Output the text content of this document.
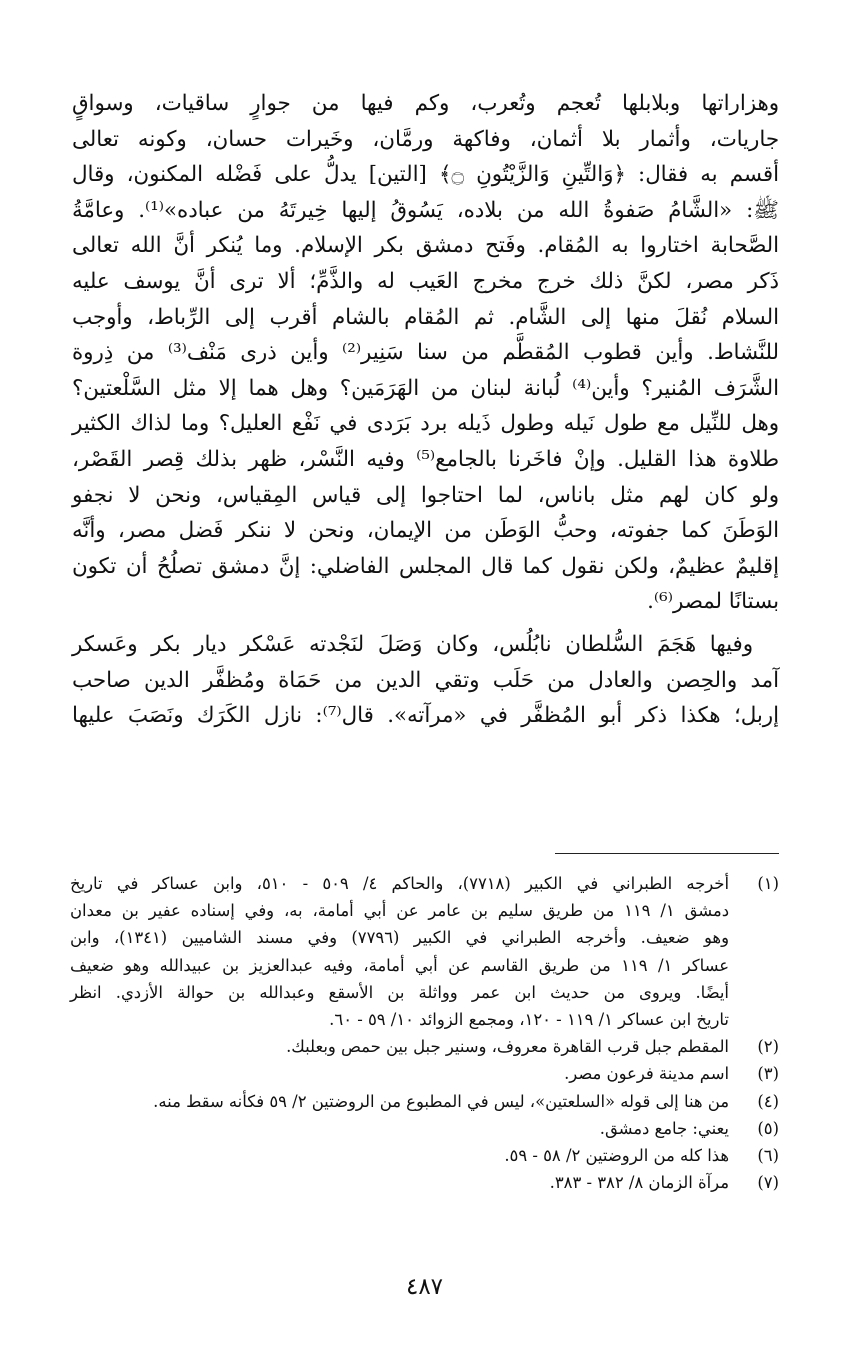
وهزاراتها وبلابلها تُعجم وتُعرب، وكم فيها من جوارٍ ساقيات، وسواقٍ
جاريات، وأثمار بلا أثمان، وفاكهة ورمَّان، وخَيرات حسان، وكونه تعالى
أقسم به فقال: ﴿وَالتِّينِ وَالزَّيْتُونِ ۝﴾ [التين] يدلُّ على فَضْله المكنون، وقال
ﷺ: «الشَّامُ صَفوةُ الله من بلاده، يَسُوقُ إليها خِيرتَهُ من عباده»⁽¹⁾. وعامَّةُ
الصَّحابة اختاروا به المُقام. وفَتح دمشق بكر الإسلام. وما يُنكر أنَّ الله تعالى
ذَكر مصر، لكنَّ ذلك خرج مخرج العَيب له والذَّمِّ؛ ألا ترى أنَّ يوسف عليه
السلام نُقلَ منها إلى الشَّام. ثم المُقام بالشام أقرب إلى الرِّباط، وأوجب
للنَّشاط. وأين قطوب المُقطَّم من سنا سَنِير⁽²⁾ وأين ذرى مَنْف⁽³⁾ من ذِروة
الشَّرَف المُنير؟ وأين⁽⁴⁾ لُبانة لبنان من الهَرَمَين؟ وهل هما إلا مثل السَّلْعتين؟
وهل للنِّيل مع طول نَيله وطول ذَيله برد بَرَدى في نَفْع العليل؟ وما لذاك الكثير
طلاوة هذا القليل. وإنْ فاخَرنا بالجامع⁽⁵⁾ وفيه النَّسْر، ظهر بذلك قِصر القَصْر،
ولو كان لهم مثل باناس، لما احتاجوا إلى قياس المِقياس، ونحن لا نجفو
الوَطَنَ كما جفوته، وحبُّ الوَطَن من الإيمان، ونحن لا ننكر فَضل مصر، وأنَّه
إقليمٌ عظيمٌ، ولكن نقول كما قال المجلس الفاضلي: إنَّ دمشق تصلُحُ أن تكون
بستانًا لمصر⁽⁶⁾.
وفيها هَجَمَ السُّلطان نابُلُس، وكان وَصَلَ لنَجْدته عَسْكر ديار بكر وعَسكر
آمد والحِصن والعادل من حَلَب وتقي الدين من حَمَاة ومُظفَّر الدين صاحب
إربل؛ هكذا ذكر أبو المُظفَّر في «مرآته». قال⁽⁷⁾: نازل الكَرَك ونَصَبَ عليها
(١)
أخرجه الطبراني في الكبير (٧٧١٨)، والحاكم ٤/ ٥٠٩ - ٥١٠، وابن عساكر في تاريخ
دمشق ١/ ١١٩ من طريق سليم بن عامر عن أبي أمامة، به، وفي إسناده عفير بن معدان
وهو ضعيف. وأخرجه الطبراني في الكبير (٧٧٩٦) وفي مسند الشاميين (١٣٤١)، وابن
عساكر ١/ ١١٩ من طريق القاسم عن أبي أمامة، وفيه عبدالعزيز بن عبيدالله وهو ضعيف
أيضًا. ويروى من حديث ابن عمر وواثلة بن الأسقع وعبدالله بن حوالة الأزدي. انظر
تاريخ ابن عساكر ١/ ١١٩ - ١٢٠، ومجمع الزوائد ١٠/ ٥٩ - ٦٠.
(٢)
المقطم جبل قرب القاهرة معروف، وسنير جبل بين حمص وبعلبك.
(٣)
اسم مدينة فرعون مصر.
(٤)
من هنا إلى قوله «السلعتين»، ليس في المطبوع من الروضتين ٢/ ٥٩ فكأنه سقط منه.
(٥)
يعني: جامع دمشق.
(٦)
هذا كله من الروضتين ٢/ ٥٨ - ٥٩.
(٧)
مرآة الزمان ٨/ ٣٨٢ - ٣٨٣.
٤٨٧
